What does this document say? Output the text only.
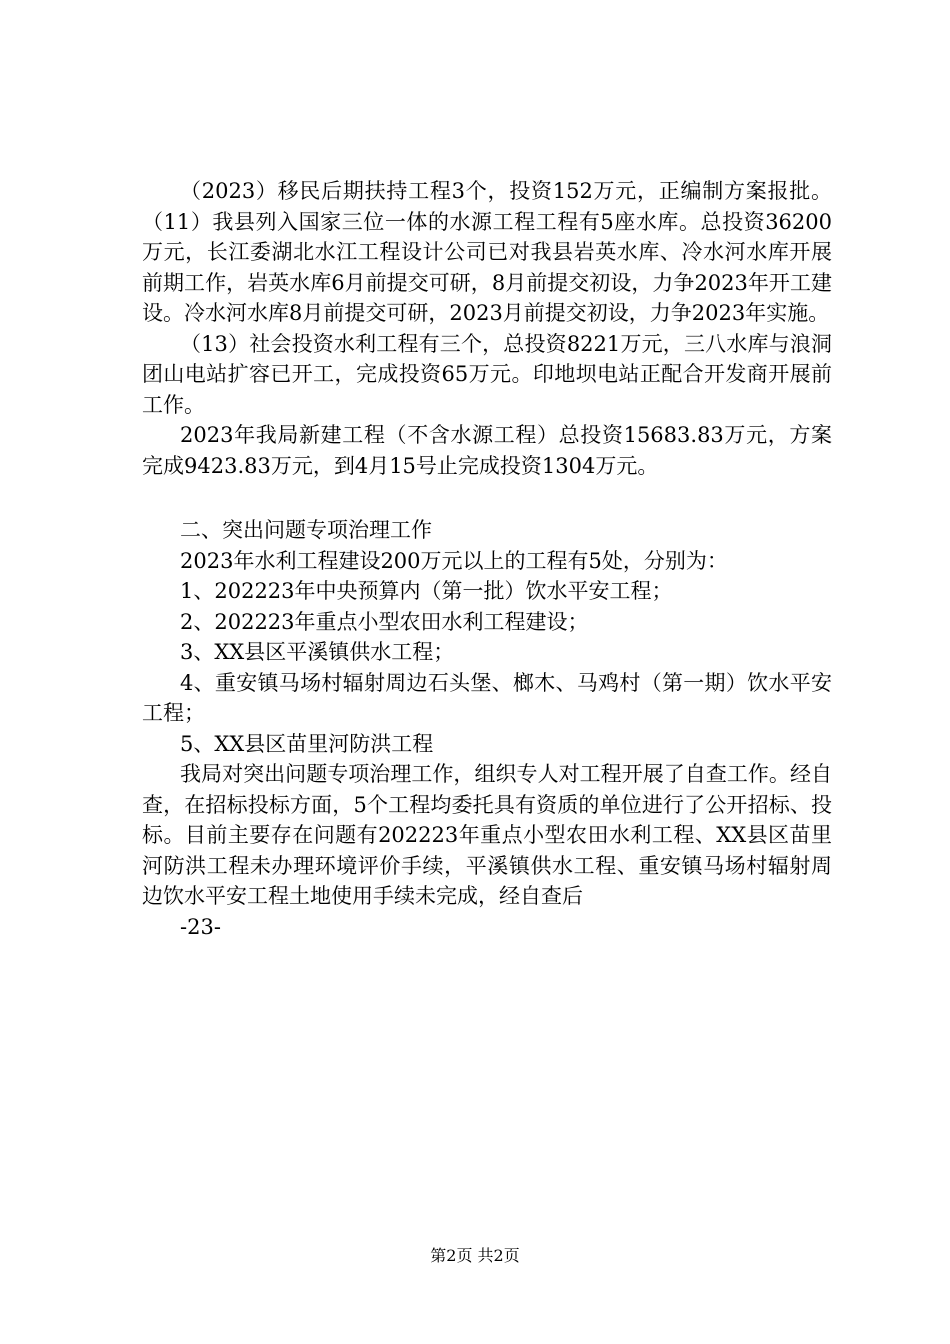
（2023）移民后期扶持工程3个，投资152万元，正编制方案报批。（11）我县列入国家三位一体的水源工程工程有5座水库。总投资36200万元，长江委湖北水江工程设计公司已对我县岩英水库、冷水河水库开展前期工作，岩英水库6月前提交可研，8月前提交初设，力争2023年开工建设。冷水河水库8月前提交可研，2023月前提交初设，力争2023年实施。

（13）社会投资水利工程有三个，总投资8221万元，三八水库与浪洞团山电站扩容已开工，完成投资65万元。印地坝电站正配合开发商开展前工作。

2023年我局新建工程（不含水源工程）总投资15683.83万元，方案完成9423.83万元，到4月15号止完成投资1304万元。

二、突出问题专项治理工作

2023年水利工程建设200万元以上的工程有5处，分别为：

1、202223年中央预算内（第一批）饮水平安工程；

2、202223年重点小型农田水利工程建设；

3、XX县区平溪镇供水工程；

4、重安镇马场村辐射周边石头堡、榔木、马鸡村（第一期）饮水平安工程；

5、XX县区苗里河防洪工程

我局对突出问题专项治理工作，组织专人对工程开展了自查工作。经自查，在招标投标方面，5个工程均委托具有资质的单位进行了公开招标、投标。目前主要存在问题有202223年重点小型农田水利工程、XX县区苗里河防洪工程未办理环境评价手续，平溪镇供水工程、重安镇马场村辐射周边饮水平安工程土地使用手续未完成，经自查后

-23-

第2页 共2页
